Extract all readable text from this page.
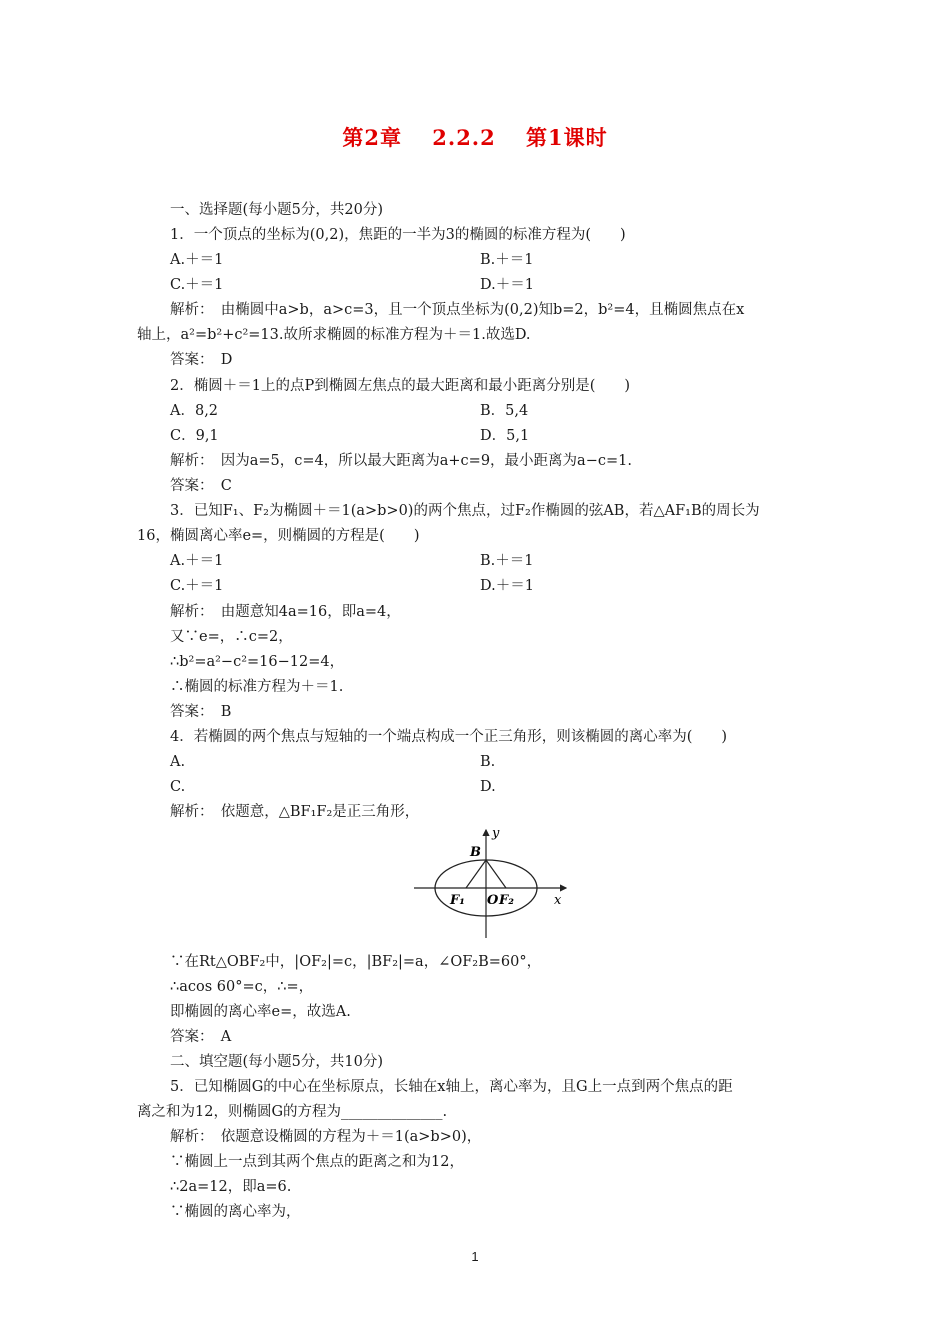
第2章　 2.2.2　 第1课时
一、选择题(每小题5分，共20分)
1．一个顶点的坐标为(0,2)，焦距的一半为3的椭圆的标准方程为(　　)
A.＋＝1	B.＋＝1
C.＋＝1	D.＋＝1
解析：　由椭圆中a>b，a>c=3，且一个顶点坐标为(0,2)知b=2，b²=4，且椭圆焦点在x
轴上，a²=b²+c²=13.故所求椭圆的标准方程为＋＝1.故选D.
答案：　D
2．椭圆＋＝1上的点P到椭圆左焦点的最大距离和最小距离分别是(　　)
A．8,2	B．5,4
C．9,1	D．5,1
解析：　因为a=5，c=4，所以最大距离为a+c=9，最小距离为a−c=1.
答案：　C
3．已知F₁、F₂为椭圆＋＝1(a>b>0)的两个焦点，过F₂作椭圆的弦AB，若△AF₁B的周长为
16，椭圆离心率e=，则椭圆的方程是(　　)
A.＋＝1	B.＋＝1
C.＋＝1	D.＋＝1
解析：　由题意知4a=16，即a=4，
又∵e=，∴c=2，
∴b²=a²−c²=16−12=4，
∴椭圆的标准方程为＋＝1.
答案：　B
4．若椭圆的两个焦点与短轴的一个端点构成一个正三角形，则该椭圆的离心率为(　　)
A.	B.
C.	D.
解析：　依题意，△BF₁F₂是正三角形，
y
B
F₁ O F₂	x
∵在Rt△OBF₂中，|OF₂|=c，|BF₂|=a，∠OF₂B=60°，
∴acos 60°=c，∴=，
即椭圆的离心率e=，故选A.
答案：　A
二、填空题(每小题5分，共10分)
5．已知椭圆G的中心在坐标原点，长轴在x轴上，离心率为，且G上一点到两个焦点的距
离之和为12，则椭圆G的方程为______________.
解析：　依题意设椭圆的方程为＋＝1(a>b>0)，
∵椭圆上一点到其两个焦点的距离之和为12，
∴2a=12，即a=6.
∵椭圆的离心率为，
1
